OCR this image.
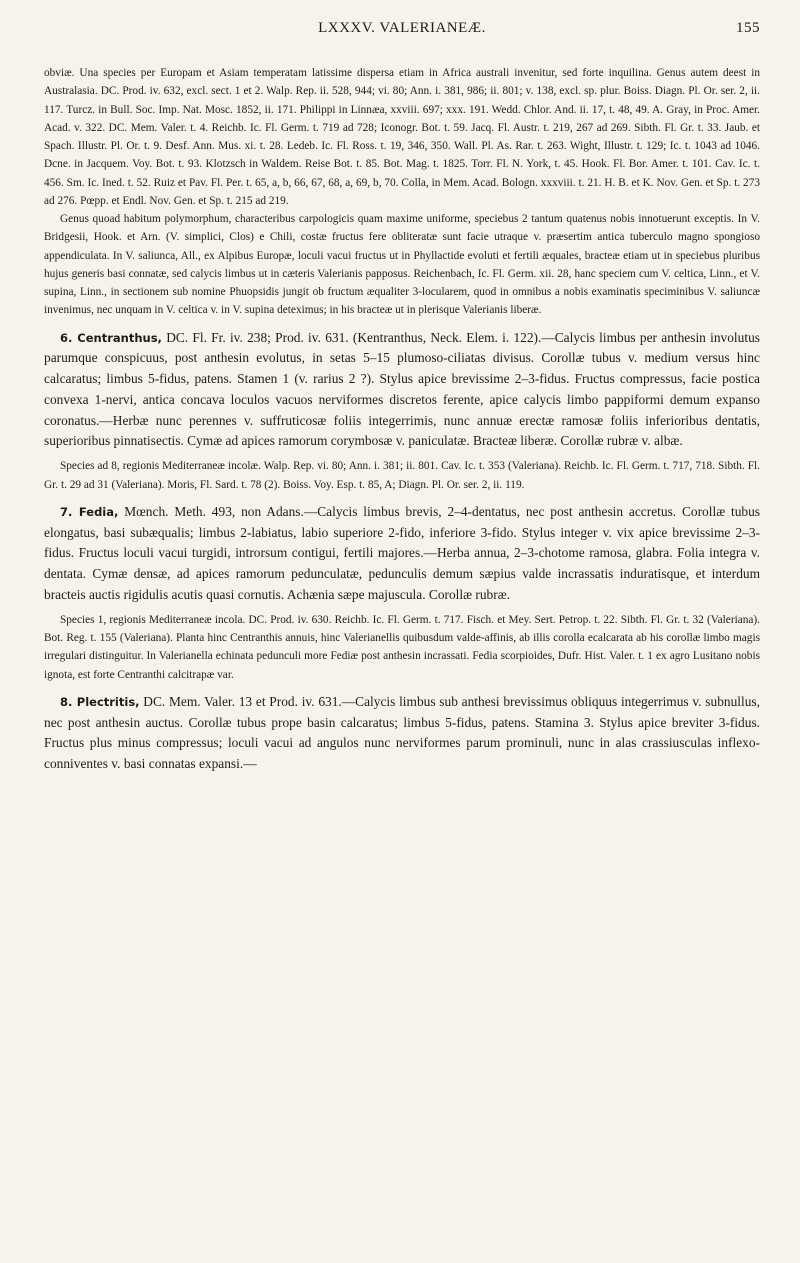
LXXXV. VALERIANEÆ.	155

obviæ. Una species per Europam et Asiam temperatam latissime dispersa etiam in Africa australi invenitur, sed forte inquilina. Genus autem deest in Australasia. DC. Prod. iv. 632, excl. sect. 1 et 2. Walp. Rep. ii. 528, 944; vi. 80; Ann. i. 381, 986; ii. 801; v. 138, excl. sp. plur. Boiss. Diagn. Pl. Or. ser. 2, ii. 117. Turcz. in Bull. Soc. Imp. Nat. Mosc. 1852, ii. 171. Philippi in Linnæa, xxviii. 697; xxx. 191. Wedd. Chlor. And. ii. 17, t. 48, 49. A. Gray, in Proc. Amer. Acad. v. 322. DC. Mem. Valer. t. 4. Reichb. Ic. Fl. Germ. t. 719 ad 728; Iconogr. Bot. t. 59. Jacq. Fl. Austr. t. 219, 267 ad 269. Sibth. Fl. Gr. t. 33. Jaub. et Spach. Illustr. Pl. Or. t. 9. Desf. Ann. Mus. xi. t. 28. Ledeb. Ic. Fl. Ross. t. 19, 346, 350. Wall. Pl. As. Rar. t. 263. Wight, Illustr. t. 129; Ic. t. 1043 ad 1046. Dcne. in Jacquem. Voy. Bot. t. 93. Klotzsch in Waldem. Reise Bot. t. 85. Bot. Mag. t. 1825. Torr. Fl. N. York, t. 45. Hook. Fl. Bor. Amer. t. 101. Cav. Ic. t. 456. Sm. Ic. Ined. t. 52. Ruiz et Pav. Fl. Per. t. 65, a, b, 66, 67, 68, a, 69, b, 70. Colla, in Mem. Acad. Bologn. xxxviii. t. 21. H. B. et K. Nov. Gen. et Sp. t. 273 ad 276. Pœpp. et Endl. Nov. Gen. et Sp. t. 215 ad 219.

Genus quoad habitum polymorphum, characteribus carpologicis quam maxime uniforme, speciebus 2 tantum quatenus nobis innotuerunt exceptis. In V. Bridgesii, Hook. et Arn. (V. simplici, Clos) e Chili, costæ fructus fere obliteratæ sunt facie utraque v. præsertim antica tuberculo magno spongioso appendiculata. In V. saliunca, All., ex Alpibus Europæ, loculi vacui fructus ut in Phyllactide evoluti et fertili æquales, bracteæ etiam ut in speciebus pluribus hujus generis basi connatæ, sed calycis limbus ut in cæteris Valerianis papposus. Reichenbach, Ic. Fl. Germ. xii. 28, hanc speciem cum V. celtica, Linn., et V. supina, Linn., in sectionem sub nomine Phuopsidis jungit ob fructum æqualiter 3-locularem, quod in omnibus a nobis examinatis speciminibus V. saliuncæ invenimus, nec unquam in V. celtica v. in V. supina deteximus; in his bracteæ ut in plerisque Valerianis liberæ.

6. Centranthus, DC. Fl. Fr. iv. 238; Prod. iv. 631. (Kentranthus, Neck. Elem. i. 122).—Calycis limbus per anthesin involutus parumque conspicuus, post anthesin evolutus, in setas 5–15 plumoso-ciliatas divisus. Corollæ tubus v. medium versus hinc calcaratus; limbus 5-fidus, patens. Stamen 1 (v. rarius 2 ?). Stylus apice brevissime 2–3-fidus. Fructus compressus, facie postica convexa 1-nervi, antica concava loculos vacuos nerviformes discretos ferente, apice calycis limbo pappiformi demum expanso coronatus.—Herbæ nunc perennes v. suffruticosæ foliis integerrimis, nunc annuæ erectæ ramosæ foliis inferioribus dentatis, superioribus pinnatisectis. Cymæ ad apices ramorum corymbosæ v. paniculatæ. Bracteæ liberæ. Corollæ rubræ v. albæ.

Species ad 8, regionis Mediterraneæ incolæ. Walp. Rep. vi. 80; Ann. i. 381; ii. 801. Cav. Ic. t. 353 (Valeriana). Reichb. Ic. Fl. Germ. t. 717, 718. Sibth. Fl. Gr. t. 29 ad 31 (Valeriana). Moris, Fl. Sard. t. 78 (2). Boiss. Voy. Esp. t. 85, A; Diagn. Pl. Or. ser. 2, ii. 119.

7. Fedia, Mœnch. Meth. 493, non Adans.—Calycis limbus brevis, 2–4-dentatus, nec post anthesin accretus. Corollæ tubus elongatus, basi subæqualis; limbus 2-labiatus, labio superiore 2-fido, inferiore 3-fido. Stylus integer v. vix apice brevissime 2–3-fidus. Fructus loculi vacui turgidi, introrsum contigui, fertili majores.—Herba annua, 2–3-chotome ramosa, glabra. Folia integra v. dentata. Cymæ densæ, ad apices ramorum pedunculatæ, pedunculis demum sæpius valde incrassatis induratisque, et interdum bracteis auctis rigidulis acutis quasi cornutis. Achænia sæpe majuscula. Corollæ rubræ.

Species 1, regionis Mediterraneæ incola. DC. Prod. iv. 630. Reichb. Ic. Fl. Germ. t. 717. Fisch. et Mey. Sert. Petrop. t. 22. Sibth. Fl. Gr. t. 32 (Valeriana). Bot. Reg. t. 155 (Valeriana). Planta hinc Centranthis annuis, hinc Valerianellis quibusdum valde-affinis, ab illis corolla ecalcarata ab his corollæ limbo magis irregulari distinguitur. In Valerianella echinata pedunculi more Fediæ post anthesin incrassati. Fedia scorpioides, Dufr. Hist. Valer. t. 1 ex agro Lusitano nobis ignota, est forte Centranthi calcitrapæ var.

8. Plectritis, DC. Mem. Valer. 13 et Prod. iv. 631.—Calycis limbus sub anthesi brevissimus obliquus integerrimus v. subnullus, nec post anthesin auctus. Corollæ tubus prope basin calcaratus; limbus 5-fidus, patens. Stamina 3. Stylus apice breviter 3-fidus. Fructus plus minus compressus; loculi vacui ad angulos nunc nerviformes parum prominuli, nunc in alas crassiusculas inflexo-conniventes v. basi connatas expansi.—
